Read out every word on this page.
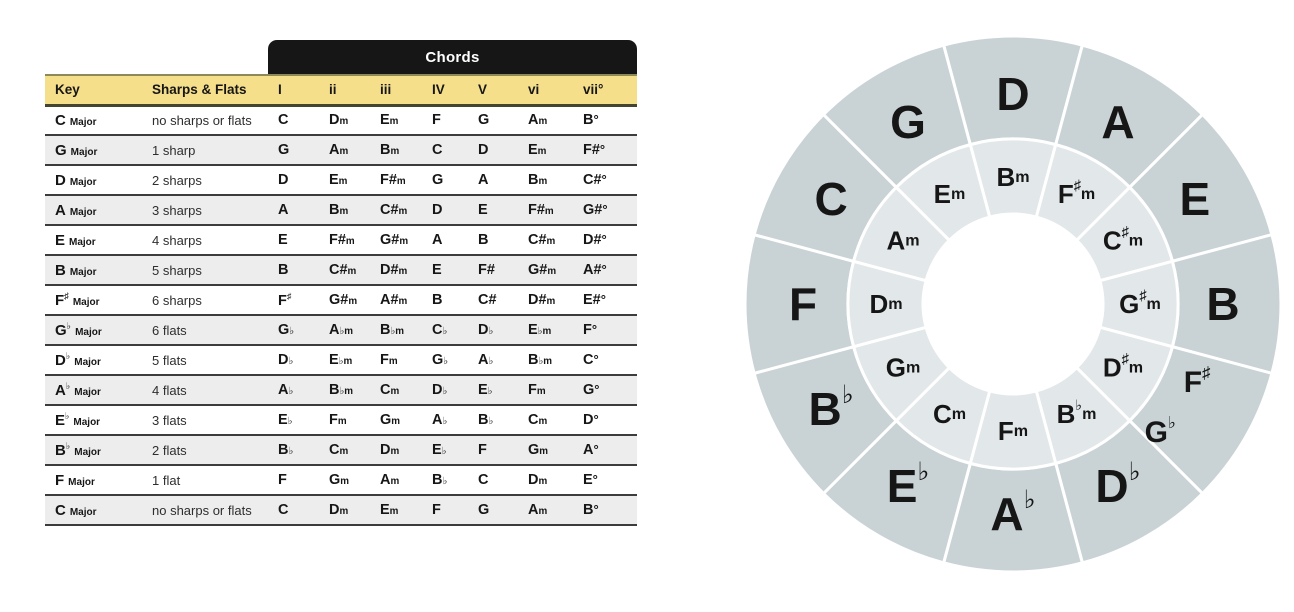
Chords
Key	Sharps & Flats	I	ii	iii	IV	V	vi	vii°
C Major	no sharps or flats	C	Dm	Em	F	G	Am	B°
G Major	1 sharp	G	Am	Bm	C	D	Em	F#°
D Major	2 sharps	D	Em	F#m	G	A	Bm	C#°
A Major	3 sharps	A	Bm	C#m	D	E	F#m	G#°
E Major	4 sharps	E	F#m	G#m	A	B	C#m	D#°
B Major	5 sharps	B	C#m	D#m	E	F#	G#m	A#°
F♯Major	6 sharps	F♯	G#m	A#m	B	C#	D#m	E#°
G♭Major	6 flats	G♭	A♭m	B♭m	C♭	D♭	E♭m	F°
D♭Major	5 flats	D♭	E♭m	Fm	G♭	A♭	B♭m	C°
A♭Major	4 flats	A♭	B♭m	Cm	D♭	E♭	Fm	G°
E♭Major	3 flats	E♭	Fm	Gm	A♭	B♭	Cm	D°
B♭Major	2 flats	B♭	Cm	Dm	E♭	F	Gm	A°
F Major	1 flat	F	Gm	Am	B♭	C	Dm	E°
C Major	no sharps or flats	C	Dm	Em	F	G	Am	B°
D
A
E
B
F♯
G♭
D♭
A♭
E♭
B♭
F
C
G
Bm
$F^♯_m$
$C^♯_m$
$G^♯_m$
$D^♯_m$
$B^♭_m$
Fm
Cm
Gm
Dm
Am
Em
